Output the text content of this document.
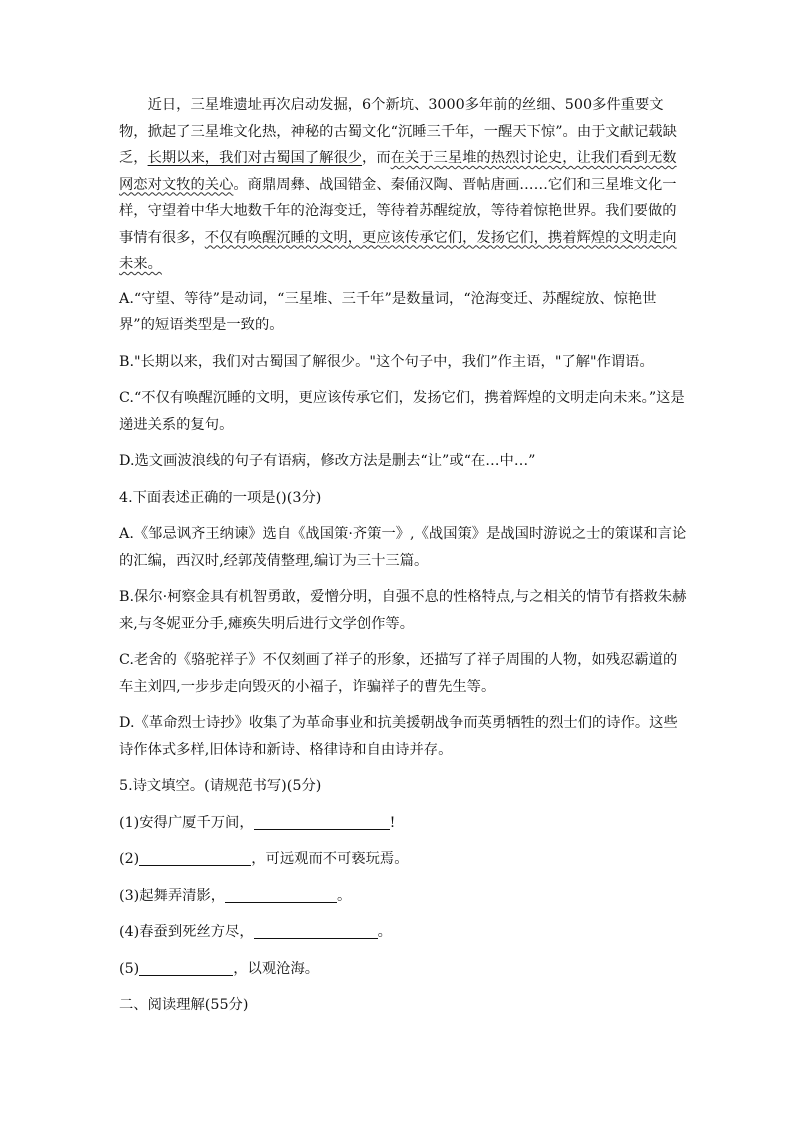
近日，三星堆遗址再次启动发掘，6个新坑、3000多年前的丝细、500多件重要文物，掀起了三星堆文化热，神秘的古蜀文化“沉睡三千年，一醒天下惊”。由于文献记载缺乏，长期以来，我们对古蜀国了解很少，而在关于三星堆的热烈讨论史，让我们看到无数网恋对文牧的关心。商鼎周彝、战国错金、秦俑汉陶、晋帖唐画……它们和三星堆文化一样，守望着中华大地数千年的沧海变迁，等待着苏醒绽放，等待着惊艳世界。我们要做的事情有很多，不仅有唤醒沉睡的文明，更应该传承它们，发扬它们，携着辉煌的文明走向未来。

A.“守望、等待”是动词，“三星堆、三千年”是数量词，“沧海变迁、苏醒绽放、惊艳世界”的短语类型是一致的。

B."长期以来，我们对古蜀国了解很少。"这个句子中，我们”作主语，"了解"作谓语。

C.“不仅有唤醒沉睡的文明，更应该传承它们，发扬它们，携着辉煌的文明走向未来。”这是递进关系的复句。

D.选文画波浪线的句子有语病，修改方法是删去“让”或“在…中…”

4.下面表述正确的一项是()(3分)

A.《邹忌讽齐王纳谏》选自《战国策·齐策一》,《战国策》是战国时游说之士的策谋和言论的汇编，西汉时,经郭茂倩整理,编订为三十三篇。

B.保尔·柯察金具有机智勇敢，爱憎分明，自强不息的性格特点,与之相关的情节有搭救朱赫来,与冬妮亚分手,瘫痪失明后进行文学创作等。

C.老舍的《骆驼祥子》不仅刻画了祥子的形象，还描写了祥子周围的人物，如残忍霸道的车主刘四,一步步走向毁灭的小福子，诈骗祥子的曹先生等。

D.《革命烈士诗抄》收集了为革命事业和抗美援朝战争而英勇牺牲的烈士们的诗作。这些诗作体式多样,旧体诗和新诗、格律诗和自由诗并存。

5.诗文填空。(请规范书写)(5分)

(1)安得广厦千万间，	!

(2)	，可远观而不可亵玩焉。

(3)起舞弄清影，	。

(4)春蚕到死丝方尽，	。

(5)	，以观沧海。

二、阅读理解(55分)
